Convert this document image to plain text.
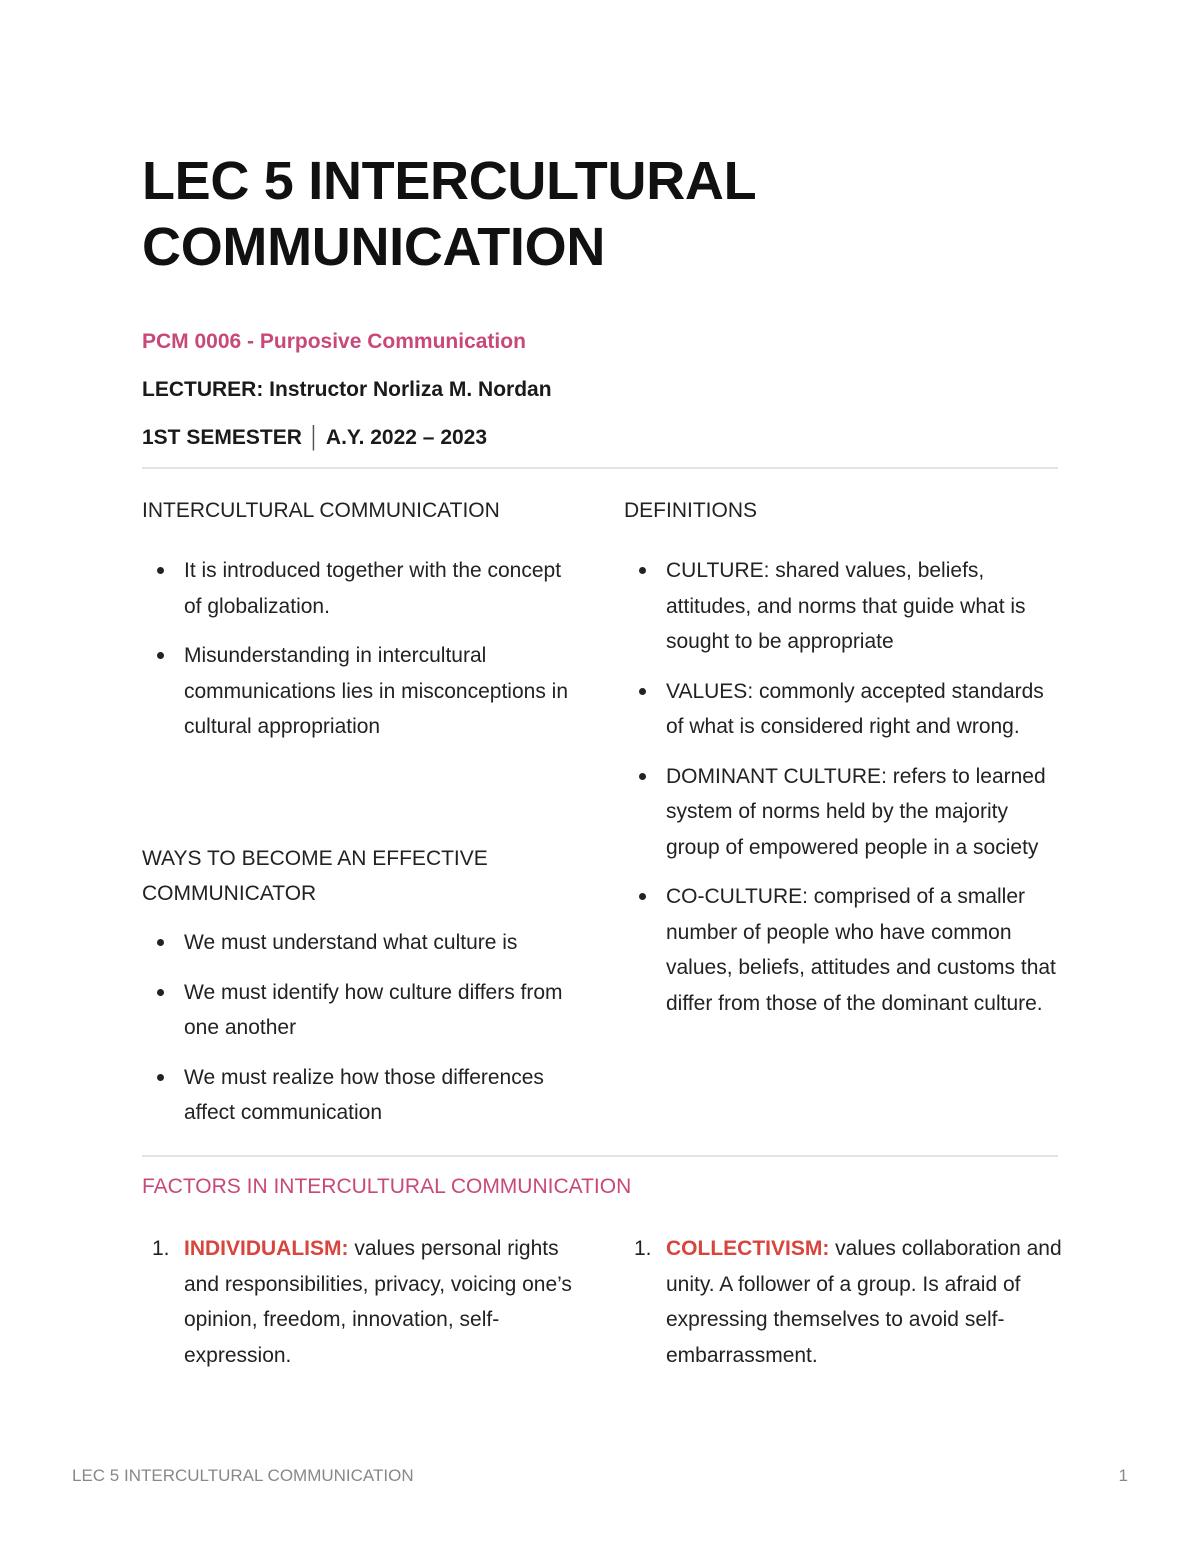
LEC 5 INTERCULTURAL COMMUNICATION

PCM 0006 - Purposive Communication

LECTURER: Instructor Norliza M. Nordan

1ST SEMESTER │ A.Y. 2022 – 2023

INTERCULTURAL COMMUNICATION
It is introduced together with the concept of globalization.
Misunderstanding in intercultural communications lies in misconceptions in cultural appropriation
WAYS TO BECOME AN EFFECTIVE COMMUNICATOR
We must understand what culture is
We must identify how culture differs from one another
We must realize how those differences affect communication
DEFINITIONS
CULTURE: shared values, beliefs, attitudes, and norms that guide what is sought to be appropriate
VALUES: commonly accepted standards of what is considered right and wrong.
DOMINANT CULTURE: refers to learned system of norms held by the majority group of empowered people in a society
CO-CULTURE: comprised of a smaller number of people who have common values, beliefs, attitudes and customs that differ from those of the dominant culture.
FACTORS IN INTERCULTURAL COMMUNICATION
1. INDIVIDUALISM: values personal rights and responsibilities, privacy, voicing one’s opinion, freedom, innovation, self- expression.
1. COLLECTIVISM: values collaboration and unity. A follower of a group. Is afraid of expressing themselves to avoid self-embarrassment.

LEC 5 INTERCULTURAL COMMUNICATION	1
